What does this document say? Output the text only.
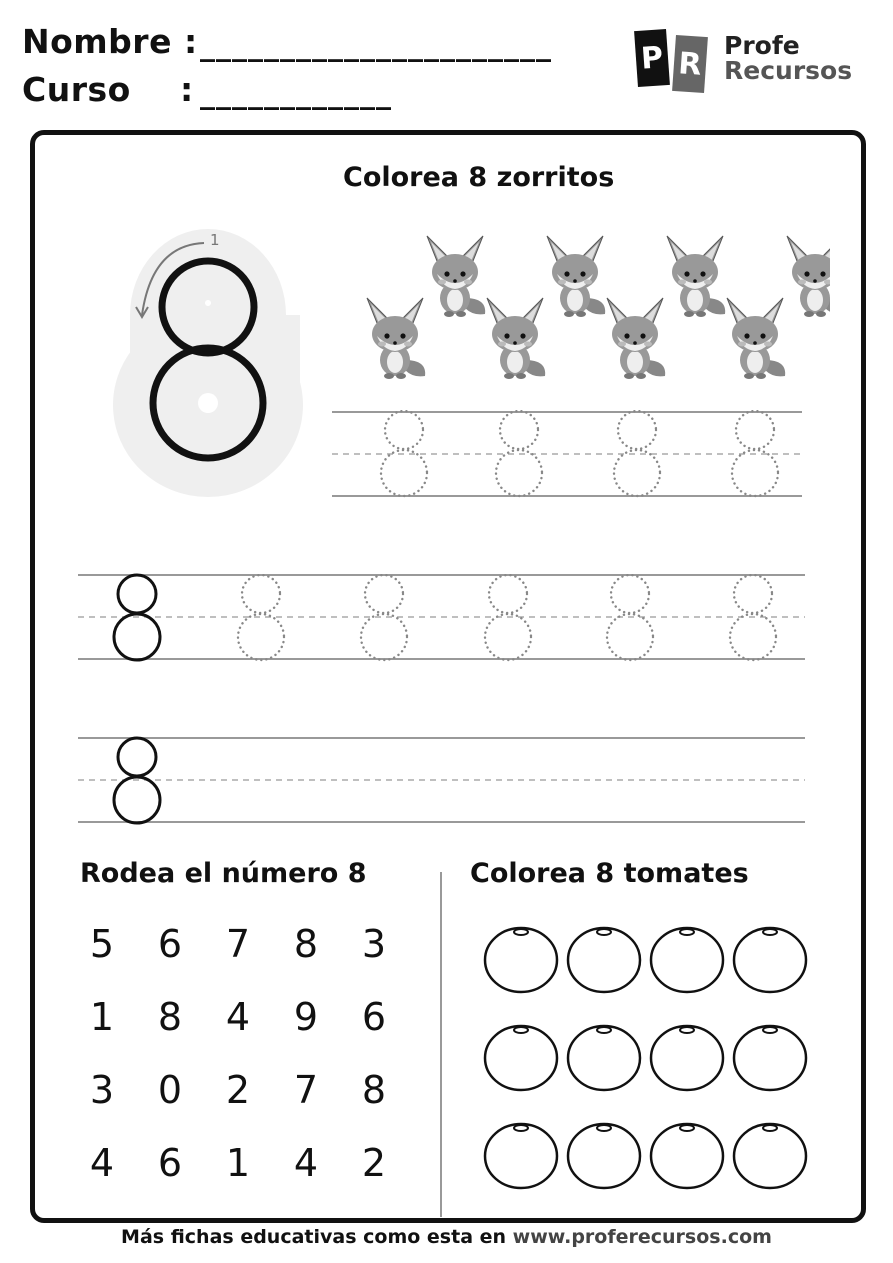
Nombre : ______________________
Curso : ____________
P R
Profe
Recursos
Colorea 8 zorritos
Rodea el número 8	Colorea 8 tomates
1
5 6 7 8 3
1 8 4 9 6
3 0 2 7 8
4 6 1 4 2
Más fichas educativas como esta en www.proferecursos.com
